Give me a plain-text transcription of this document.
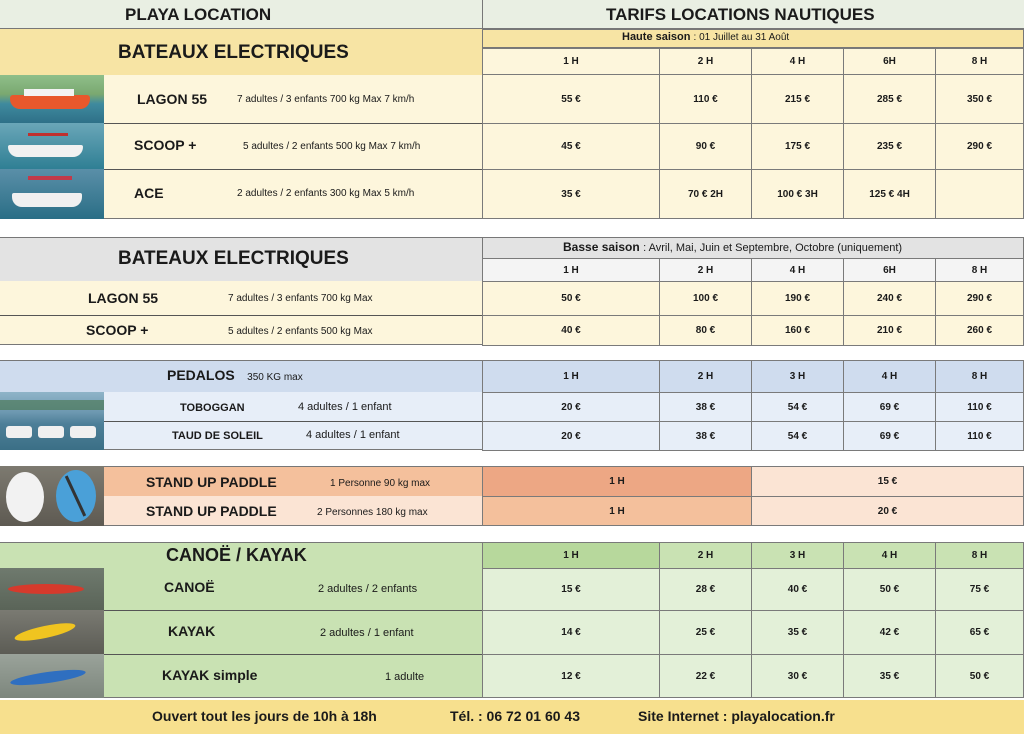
PLAYA LOCATION	TARIFS LOCATIONS NAUTIQUES
BATEAUX ELECTRIQUES
Haute saison : 01 Juillet au 31 Août
LAGON 55	7 adultes / 3 enfants 700 kg Max 7 km/h
SCOOP +	5 adultes / 2 enfants 500 kg Max 7 km/h
ACE	2 adultes / 2 enfants 300 kg Max 5 km/h
1 H	2 H	4 H	6H	8 H
55 €	110 €	215 €	285 €	350 €
45 €	90 €	175 €	235 €	290 €
35 €	70 € 2H	100 € 3H	125 € 4H
BATEAUX ELECTRIQUES
Basse saison : Avril, Mai, Juin et Septembre, Octobre (uniquement)
LAGON 55	7 adultes / 3 enfants 700 kg Max
SCOOP +	5 adultes / 2 enfants 500 kg Max
1 H	2 H	4 H	6H	8 H
50 €	100 €	190 €	240 €	290 €
40 €	80 €	160 €	210 €	260 €
PEDALOS 350 KG max
TOBOGGAN	4 adultes / 1 enfant
TAUD DE SOLEIL	4 adultes / 1 enfant
1 H	2 H	3 H	4 H	8 H
20 €	38 €	54 €	69 €	110 €
20 €	38 €	54 €	69 €	110 €
STAND UP PADDLE	1 Personne 90 kg max
STAND UP PADDLE	2 Personnes 180 kg max
1 H	15 €
1 H	20 €
CANOË / KAYAK
CANOË	2 adultes / 2 enfants
KAYAK	2 adultes / 1 enfant
KAYAK simple	1 adulte
1 H	2 H	3 H	4 H	8 H
15 €	28 €	40 €	50 €	75 €
14 €	25 €	35 €	42 €	65 €
12 €	22 €	30 €	35 €	50 €
Ouvert tout les jours de 10h à 18h	Tél. : 06 72 01 60 43	Site Internet : playalocation.fr
